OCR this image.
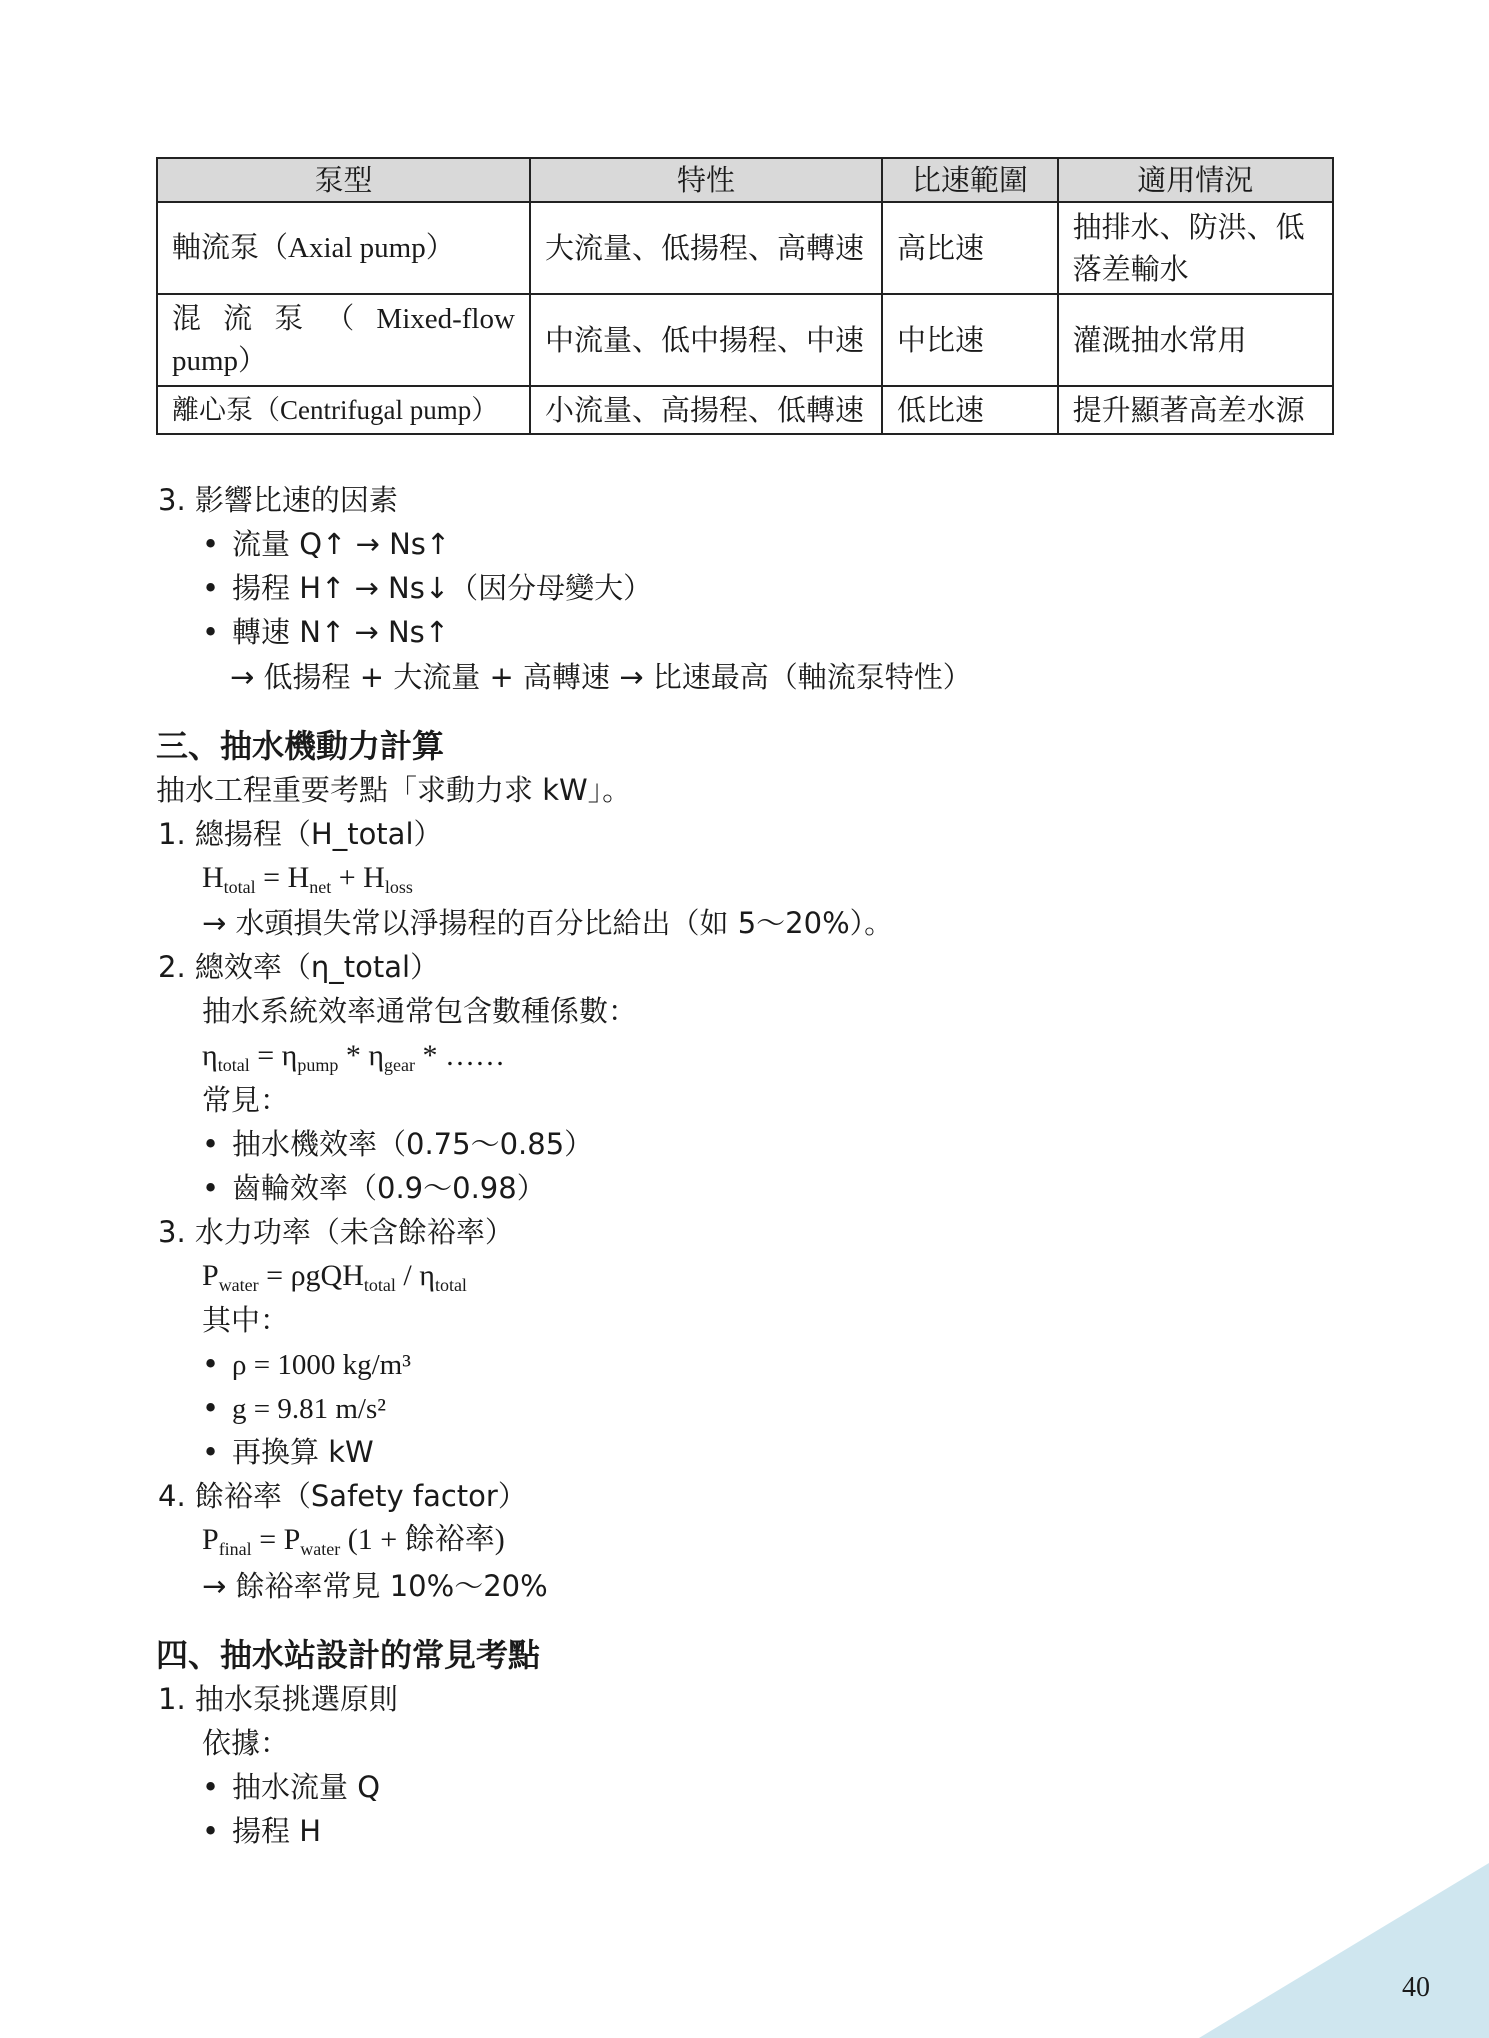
泵型	特性	比速範圍	適用情況
軸流泵（Axial pump）	大流量、低揚程、高轉速	高比速	抽排水、防洪、低落差輸水
混 流 泵 （ Mixed-flow pump）	中流量、低中揚程、中速	中比速	灌溉抽水常用
離心泵（Centrifugal pump）	小流量、高揚程、低轉速	低比速	提升顯著高差水源
3. 影響比速的因素
• 流量 Q↑ → Ns↑
• 揚程 H↑ → Ns↓（因分母變大）
• 轉速 N↑ → Ns↑
→ 低揚程 + 大流量 + 高轉速 → 比速最高（軸流泵特性）
三、抽水機動力計算
抽水工程重要考點「求動力求 kW」。
1. 總揚程（H_total）
$H_{total} = H_{net} + H_{loss}$
→ 水頭損失常以淨揚程的百分比給出（如 5～20%）。
2. 總效率（η_total）
抽水系統效率通常包含數種係數：
$\eta_{total} = \eta_{pump} * \eta_{gear}$ * ……
常見：
• 抽水機效率（0.75～0.85）
• 齒輪效率（0.9～0.98）
3. 水力功率（未含餘裕率）
$P_{water} = \rho gQH_{total} / \eta_{total}$
其中：
• ρ = 1000 kg/m³
• g = 9.81 m/s²
• 再換算 kW
4. 餘裕率（Safety factor）
$P_{final} = P_{water}$ (1 + 餘裕率)
→ 餘裕率常見 10%～20%
四、抽水站設計的常見考點
1. 抽水泵挑選原則
依據：
• 抽水流量 Q
• 揚程 H
40
